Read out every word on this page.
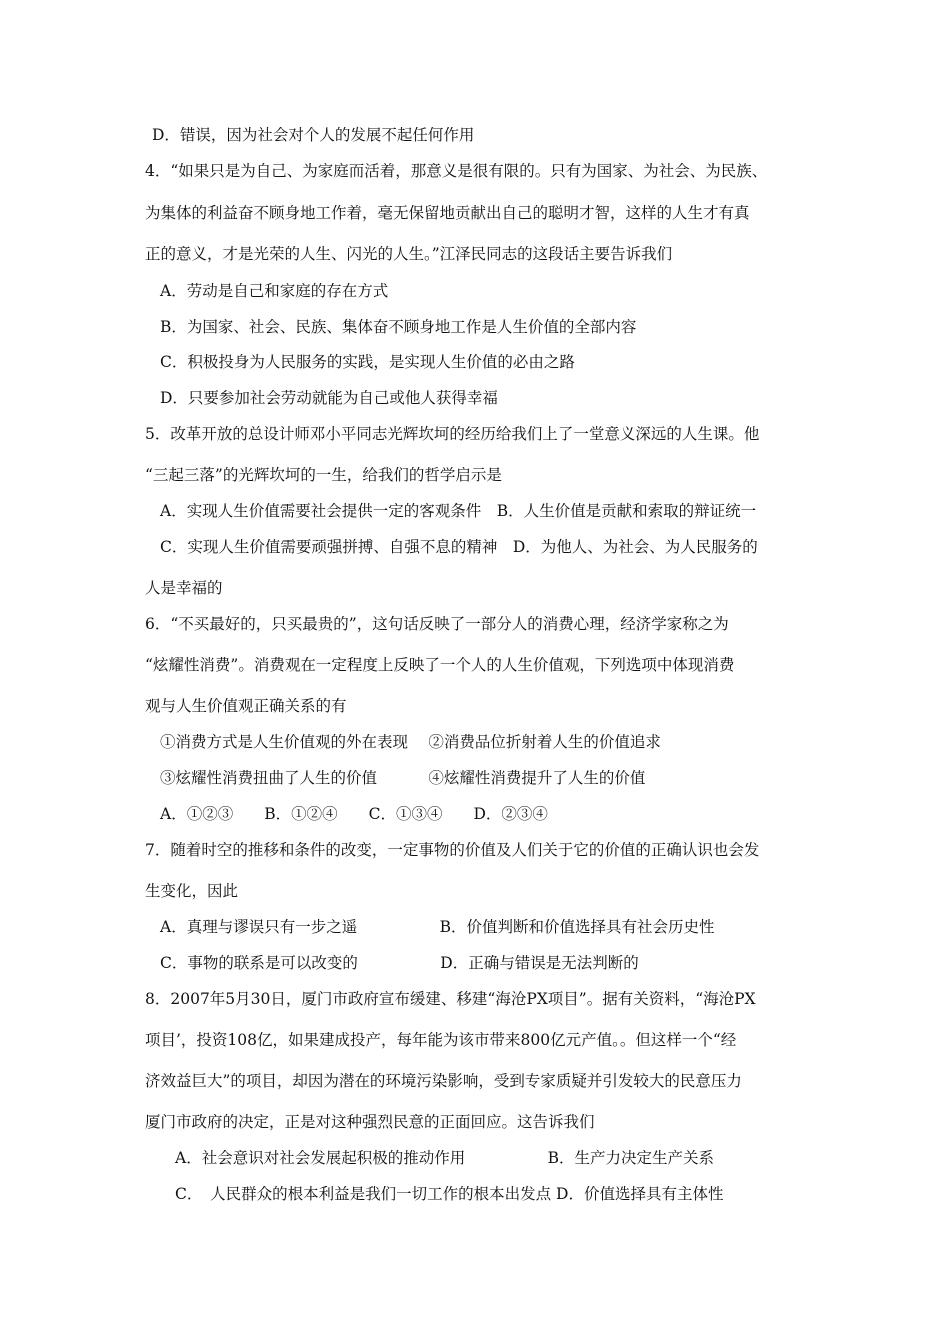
D．错误，因为社会对个人的发展不起任何作用
4．“如果只是为自己、为家庭而活着，那意义是很有限的。只有为国家、为社会、为民族、
为集体的利益奋不顾身地工作着，毫无保留地贡献出自己的聪明才智，这样的人生才有真
正的意义，才是光荣的人生、闪光的人生。”江泽民同志的这段话主要告诉我们
A．劳动是自己和家庭的存在方式
B．为国家、社会、民族、集体奋不顾身地工作是人生价值的全部内容
C．积极投身为人民服务的实践，是实现人生价值的必由之路
D．只要参加社会劳动就能为自己或他人获得幸福
5．改革开放的总设计师邓小平同志光辉坎坷的经历给我们上了一堂意义深远的人生课。他
“三起三落”的光辉坎坷的一生，给我们的哲学启示是
A．实现人生价值需要社会提供一定的客观条件　B．人生价值是贡献和索取的辩证统一
C．实现人生价值需要顽强拼搏、自强不息的精神　D．为他人、为社会、为人民服务的
人是幸福的
6．“不买最好的，只买最贵的”，这句话反映了一部分人的消费心理，经济学家称之为
“炫耀性消费”。消费观在一定程度上反映了一个人的人生价值观，下列选项中体现消费
观与人生价值观正确关系的有
①消费方式是人生价值观的外在表现　 ②消费品位折射着人生的价值追求
③炫耀性消费扭曲了人生的价值　　　 ④炫耀性消费提升了人生的价值
A．①②③　　B．①②④　　C．①③④　　D．②③④
7．随着时空的推移和条件的改变，一定事物的价值及人们关于它的价值的正确认识也会发
生变化，因此
A．真理与谬误只有一步之遥　　　　　 B．价值判断和价值选择具有社会历史性
C．事物的联系是可以改变的　　　　　 D．正确与错误是无法判断的
8．2007年5月30日，厦门市政府宣布缓建、移建“海沧PX项目”。据有关资料，“海沧PX
项目’，投资108亿，如果建成投产，每年能为该市带来800亿元产值。。但这样一个“经
济效益巨大”的项目，却因为潜在的环境污染影响，受到专家质疑并引发较大的民意压力
厦门市政府的决定，正是对这种强烈民意的正面回应。这告诉我们
A．社会意识对社会发展起积极的推动作用　　　　　 B．生产力决定生产关系
C．　人民群众的根本利益是我们一切工作的根本出发点 D．价值选择具有主体性
